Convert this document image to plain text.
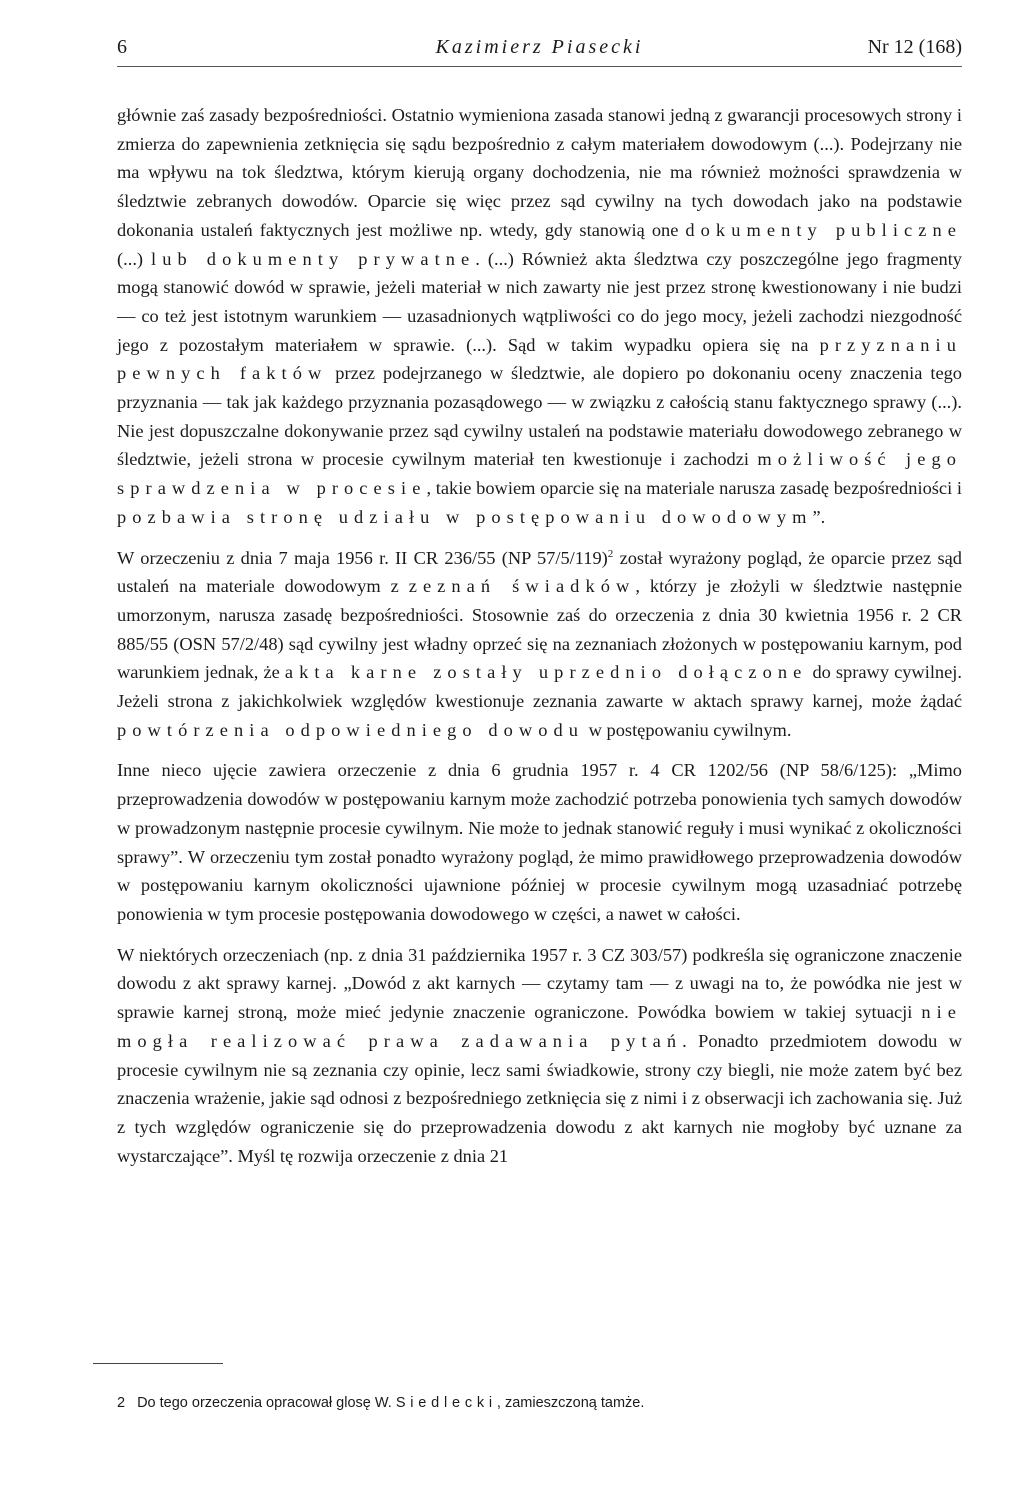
6	Kazimierz Piasecki	Nr 12 (168)

głównie zaś zasady bezpośredniości. Ostatnio wymieniona zasada stanowi jedną z gwarancji procesowych strony i zmierza do zapewnienia zetknięcia się sądu bezpośrednio z całym materiałem dowodowym (...). Podejrzany nie ma wpływu na tok śledztwa, którym kierują organy dochodzenia, nie ma również możności sprawdzenia w śledztwie zebranych dowodów. Oparcie się więc przez sąd cywilny na tych dowodach jako na podstawie dokonania ustaleń faktycznych jest możliwe np. wtedy, gdy stanowią one dokumenty publiczne (...) lub dokumenty prywatne. (...) Również akta śledztwa czy poszczególne jego fragmenty mogą stanowić dowód w sprawie, jeżeli materiał w nich zawarty nie jest przez stronę kwestionowany i nie budzi — co też jest istotnym warunkiem — uzasadnionych wątpliwości co do jego mocy, jeżeli zachodzi niezgodność jego z pozostałym materiałem w sprawie. (...). Sąd w takim wypadku opiera się na przyznaniu pewnych faktów przez podejrzanego w śledztwie, ale dopiero po dokonaniu oceny znaczenia tego przyznania — tak jak każdego przyznania pozasądowego — w związku z całością stanu faktycznego sprawy (...). Nie jest dopuszczalne dokonywanie przez sąd cywilny ustaleń na podstawie materiału dowodowego zebranego w śledztwie, jeżeli strona w procesie cywilnym materiał ten kwestionuje i zachodzi możliwość jego sprawdzenia w procesie, takie bowiem oparcie się na materiale narusza zasadę bezpośredniości i pozbawia stronę udziału w postępowaniu dowodowym”.

W orzeczeniu z dnia 7 maja 1956 r. II CR 236/55 (NP 57/5/119)$^2$ został wyrażony pogląd, że oparcie przez sąd ustaleń na materiale dowodowym z zeznań świadków, którzy je złożyli w śledztwie następnie umorzonym, narusza zasadę bezpośredniości. Stosownie zaś do orzeczenia z dnia 30 kwietnia 1956 r. 2 CR 885/55 (OSN 57/2/48) sąd cywilny jest władny oprzeć się na zeznaniach złożonych w postępowaniu karnym, pod warunkiem jednak, że akta karne zostały uprzednio dołączone do sprawy cywilnej. Jeżeli strona z jakichkolwiek względów kwestionuje zeznania zawarte w aktach sprawy karnej, może żądać powtórzenia odpowiedniego dowodu w postępowaniu cywilnym.

Inne nieco ujęcie zawiera orzeczenie z dnia 6 grudnia 1957 r. 4 CR 1202/56 (NP 58/6/125): „Mimo przeprowadzenia dowodów w postępowaniu karnym może zachodzić potrzeba ponowienia tych samych dowodów w prowadzonym następnie procesie cywilnym. Nie może to jednak stanowić reguły i musi wynikać z okoliczności sprawy”. W orzeczeniu tym został ponadto wyrażony pogląd, że mimo prawidłowego przeprowadzenia dowodów w postępowaniu karnym okoliczności ujawnione później w procesie cywilnym mogą uzasadniać potrzebę ponowienia w tym procesie postępowania dowodowego w części, a nawet w całości.

W niektórych orzeczeniach (np. z dnia 31 października 1957 r. 3 CZ 303/57) podkreśla się ograniczone znaczenie dowodu z akt sprawy karnej. „Dowód z akt karnych — czytamy tam — z uwagi na to, że powódka nie jest w sprawie karnej stroną, może mieć jedynie znaczenie ograniczone. Powódka bowiem w takiej sytuacji nie mogła realizować prawa zadawania pytań. Ponadto przedmiotem dowodu w procesie cywilnym nie są zeznania czy opinie, lecz sami świadkowie, strony czy biegli, nie może zatem być bez znaczenia wrażenie, jakie sąd odnosi z bezpośredniego zetknięcia się z nimi i z obserwacji ich zachowania się. Już z tych względów ograniczenie się do przeprowadzenia dowodu z akt karnych nie mogłoby być uznane za wystarczające”. Myśl tę rozwija orzeczenie z dnia 21

2 Do tego orzeczenia opracował glosę W. Siedlecki, zamieszczoną tamże.
